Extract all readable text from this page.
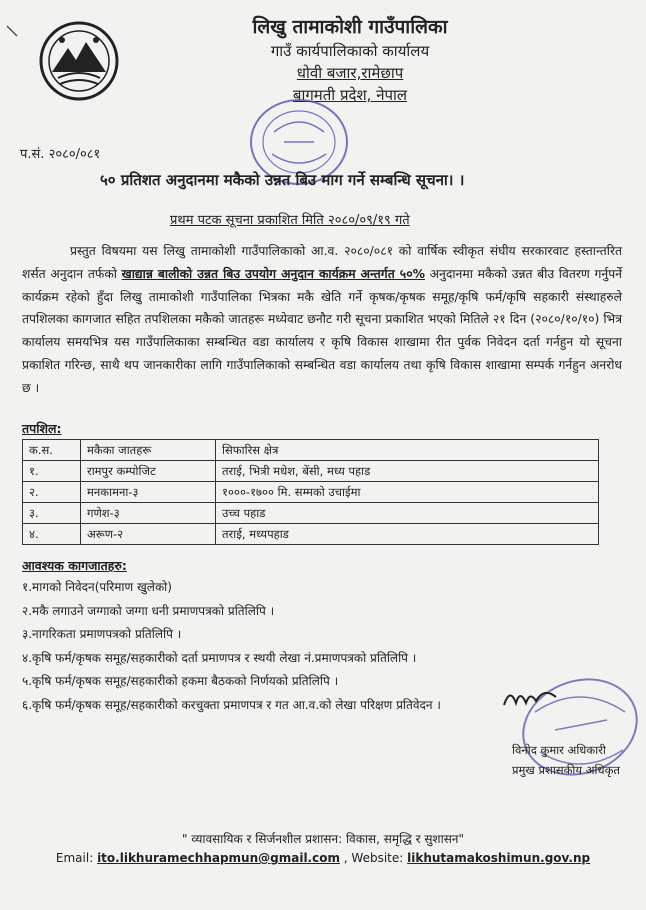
लिखु तामाकोशी गाउँपालिका
गाउँ कार्यपालिकाको कार्यालय
धोवी बजार,रामेछाप
बागमती प्रदेश, नेपाल
प.सं. २०८०/०८१
५० प्रतिशत अनुदानमा मकैको उन्नत बिउ माग गर्ने सम्बन्धि सूचना। ।
प्रथम पटक सूचना प्रकाशित मिति २०८०/०९/१९ गते
प्रस्तुत विषयमा यस लिखु तामाकोशी गाउँपालिकाको आ.व. २०८०/०८१ को वार्षिक स्वीकृत संघीय सरकारवाट हस्तान्तरित शर्सत अनुदान तर्फको खाद्यान्न बालीको उन्नत बिउ उपयोग अनुदान कार्यक्रम अन्तर्गत ५०% अनुदानमा मकैको उन्नत बीउ वितरण गर्नुपर्ने कार्यक्रम रहेको हुँदा लिखु तामाकोशी गाउँपालिका भित्रका मकै खेति गर्ने कृषक/कृषक समूह/कृषि फर्म/कृषि सहकारी संस्थाहरुले तपशिलका कागजात सहित तपशिलका मकैको जातहरू मध्येवाट छनौट गरी सूचना प्रकाशित भएको मितिले २१ दिन (२०८०/१०/१०) भित्र कार्यालय समयभित्र यस गाउँपालिकाका सम्बन्धित वडा कार्यालय र कृषि विकास शाखामा रीत पुर्वक निवेदन दर्ता गर्नहुन यो सूचना प्रकाशित गरिन्छ, साथै थप जानकारीका लागि गाउँपालिकाको सम्बन्धित वडा कार्यालय तथा कृषि विकास शाखामा सम्पर्क गर्नहुन अनरोध छ ।
तपशिल:
क.स.	मकैका जातहरू	सिफारिस क्षेत्र
१.	रामपुर कम्पोजिट	तराई, भित्री मधेश, बेंसी, मध्य पहाड
२.	मनकामना-३	१०००-१७०० मि. सम्मको उचाईमा
३.	गणेश-३	उच्च पहाड
४.	अरूण-२	तराई, मध्यपहाड
आवश्यक कागजातहरु:
१.मागको निवेदन(परिमाण खुलेको)
२.मकै लगाउने जग्गाको जग्गा धनी प्रमाणपत्रको प्रतिलिपि ।
३.नागरिकता प्रमाणपत्रको प्रतिलिपि ।
४.कृषि फर्म/कृषक समूह/सहकारीको दर्ता प्रमाणपत्र र स्थयी लेखा नं.प्रमाणपत्रको प्रतिलिपि ।
५.कृषि फर्म/कृषक समूह/सहकारीको हकमा बैठकको निर्णयको प्रतिलिपि ।
६.कृषि फर्म/कृषक समूह/सहकारीको करचुक्ता प्रमाणपत्र र गत आ.व.को लेखा परिक्षण प्रतिवेदन ।
विनोद कुमार अधिकारी
प्रमुख प्रशासकीय अधिकृत
" व्यावसायिक र सिर्जनशील प्रशासन: विकास, समृद्धि र सुशासन"
Email: ito.likhuramechhapmun@gmail.com , Website: likhutamakoshimun.gov.np
